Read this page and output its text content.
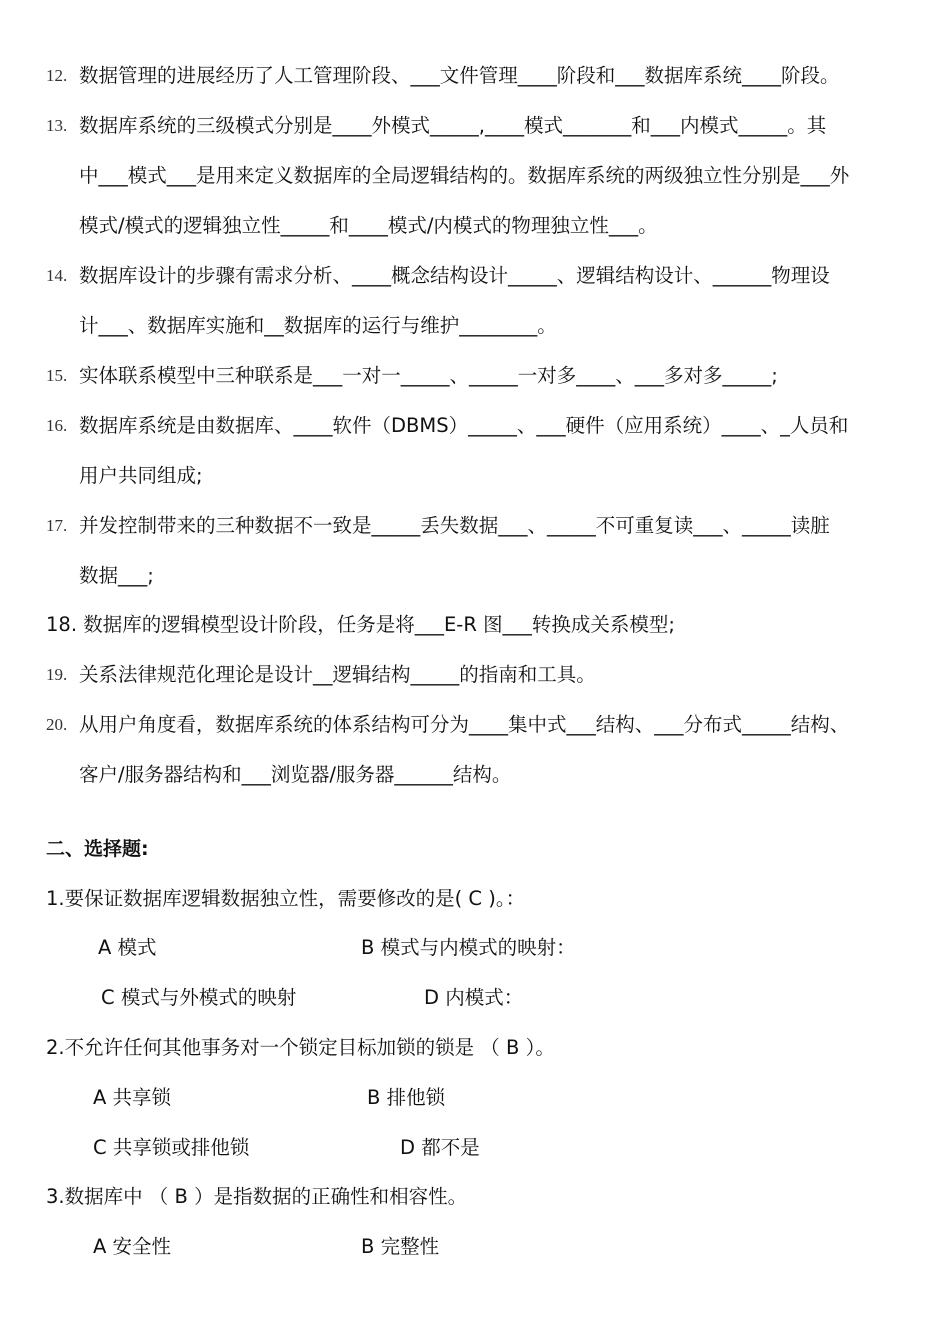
12. 数据管理的进展经历了人工管理阶段、___文件管理____阶段和___数据库系统____阶段。
13. 数据库系统的三级模式分别是____外模式_____,____模式_______和___内模式_____。其
中___模式___是用来定义数据库的全局逻辑结构的。数据库系统的两级独立性分别是___外
模式/模式的逻辑独立性_____和____模式/内模式的物理独立性___。
14. 数据库设计的步骤有需求分析、____概念结构设计_____、逻辑结构设计、______物理设
计___、数据库实施和__数据库的运行与维护________。
15. 实体联系模型中三种联系是___一对一_____、_____一对多____、___多对多_____;
16. 数据库系统是由数据库、____软件（DBMS）_____、___硬件（应用系统）____、_人员和
用户共同组成;
17. 并发控制带来的三种数据不一致是_____丢失数据___、_____不可重复读___、_____读脏
数据___;
18. 数据库的逻辑模型设计阶段，任务是将___E-R 图___转换成关系模型;
19. 关系法律规范化理论是设计__逻辑结构_____的指南和工具。
20. 从用户角度看，数据库系统的体系结构可分为____集中式___结构、___分布式_____结构、
客户/服务器结构和___浏览器/服务器______结构。
二、选择题:
1.要保证数据库逻辑数据独立性，需要修改的是( C )。：
A 模式	B 模式与内模式的映射：
C 模式与外模式的映射	D 内模式：
2.不允许任何其他事务对一个锁定目标加锁的锁是 （ B ）。
A 共享锁	B 排他锁
C 共享锁或排他锁	D 都不是
3.数据库中 （ B ）是指数据的正确性和相容性。
A 安全性	B 完整性
